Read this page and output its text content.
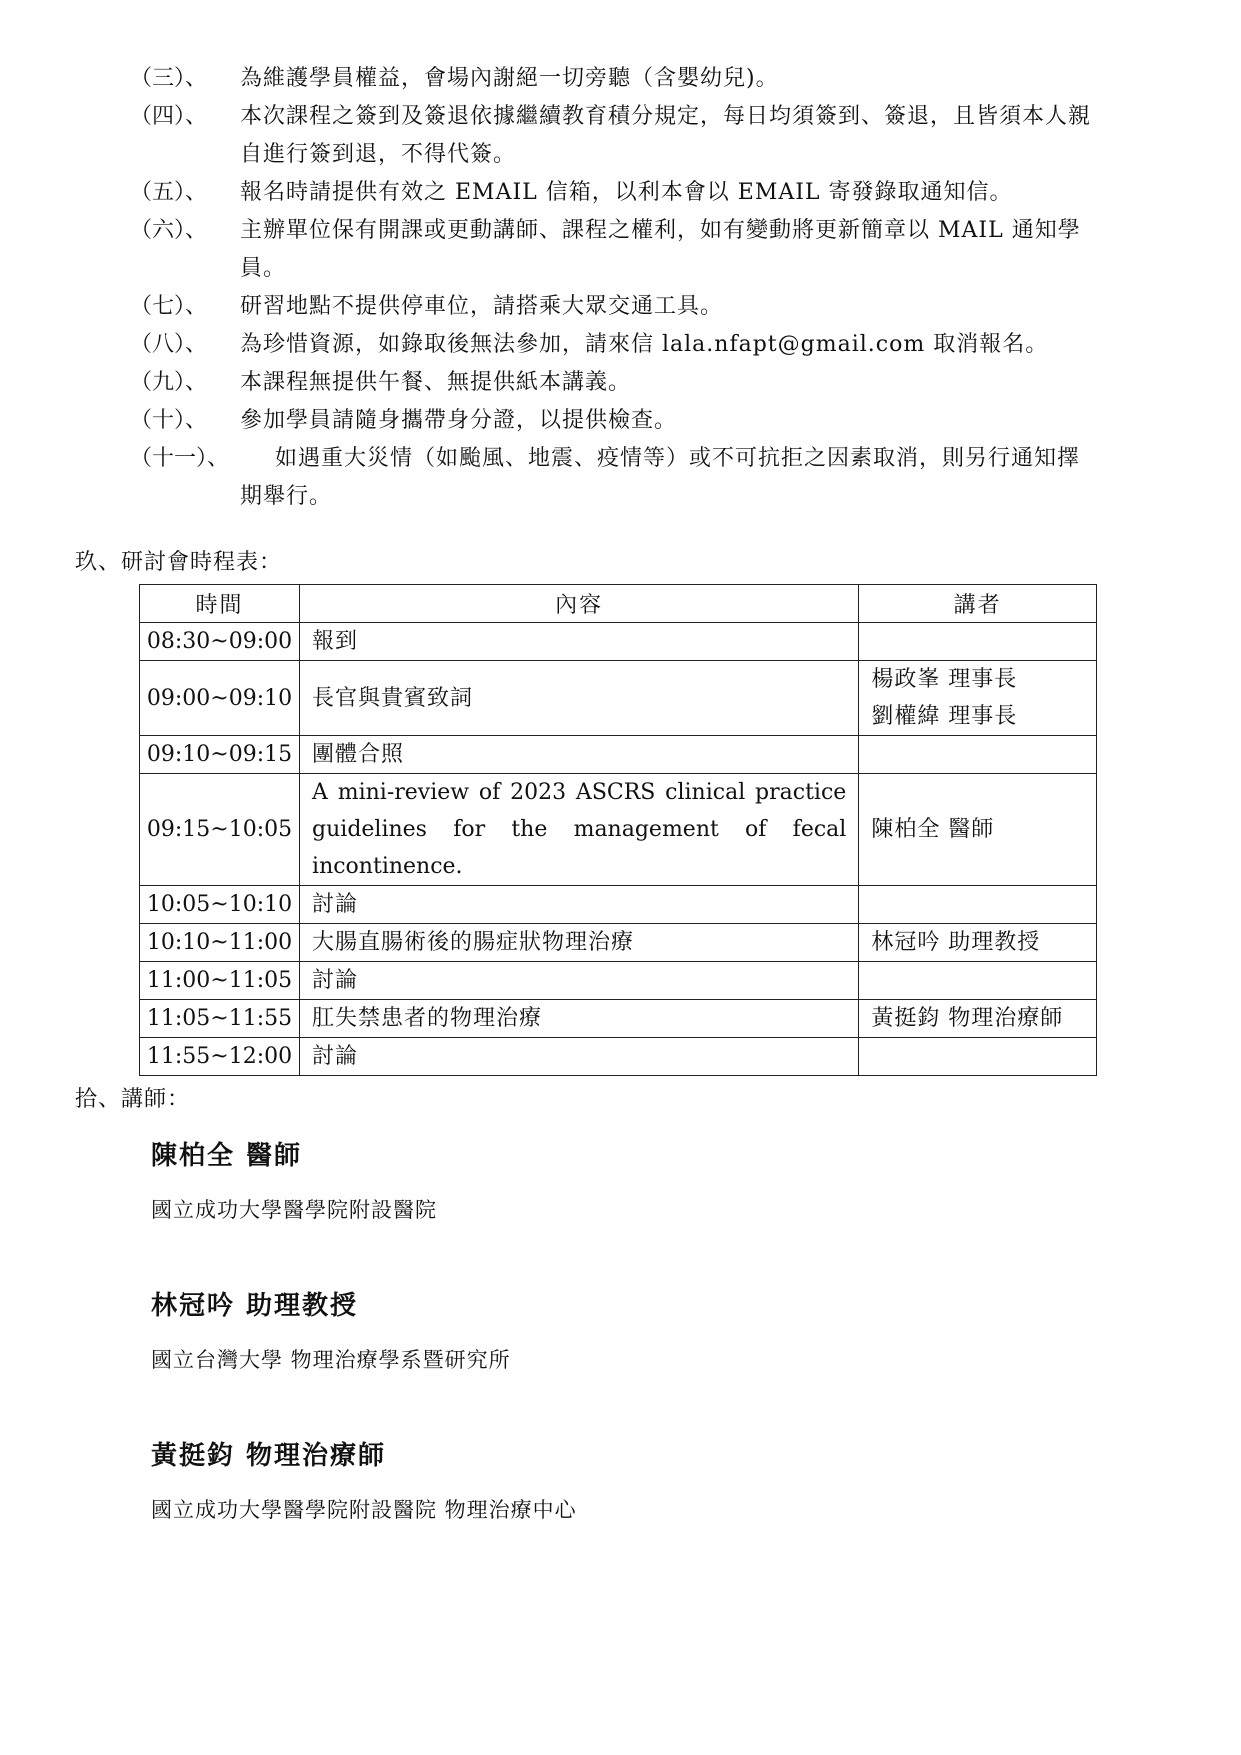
（三）、 為維護學員權益，會場內謝絕一切旁聽（含嬰幼兒)。
（四）、 本次課程之簽到及簽退依據繼續教育積分規定，每日均須簽到、簽退，且皆須本人親
自進行簽到退，不得代簽。
（五）、 報名時請提供有效之 EMAIL 信箱，以利本會以 EMAIL 寄發錄取通知信。
（六）、 主辦單位保有開課或更動講師、課程之權利，如有變動將更新簡章以 MAIL 通知學
員。
（七）、 研習地點不提供停車位，請搭乘大眾交通工具。
（八）、 為珍惜資源，如錄取後無法參加，請來信 lala.nfapt@gmail.com 取消報名。
（九）、 本課程無提供午餐、無提供紙本講義。
（十）、 參加學員請隨身攜帶身分證，以提供檢查。
（十一）、 如遇重大災情（如颱風、地震、疫情等）或不可抗拒之因素取消，則另行通知擇
期舉行。
玖、研討會時程表：
時間	內容	講者
08:30~09:00	報到	
09:00~09:10	長官與貴賓致詞	楊政峯 理事長
劉權緯 理事長

09:10~09:15	團體合照	
09:15~10:05	A mini-review of 2023 ASCRS clinical practice
guidelines for the management of fecal incontinence.	陳柏全 醫師
10:05~10:10	討論	
10:10~11:00	大腸直腸術後的腸症狀物理治療	林冠吟 助理教授
11:00~11:05	討論	
11:05~11:55	肛失禁患者的物理治療	黃挺鈞 物理治療師
11:55~12:00	討論	
拾、講師：
陳柏全 醫師
國立成功大學醫學院附設醫院
林冠吟 助理教授
國立台灣大學 物理治療學系暨研究所
黃挺鈞 物理治療師
國立成功大學醫學院附設醫院 物理治療中心
